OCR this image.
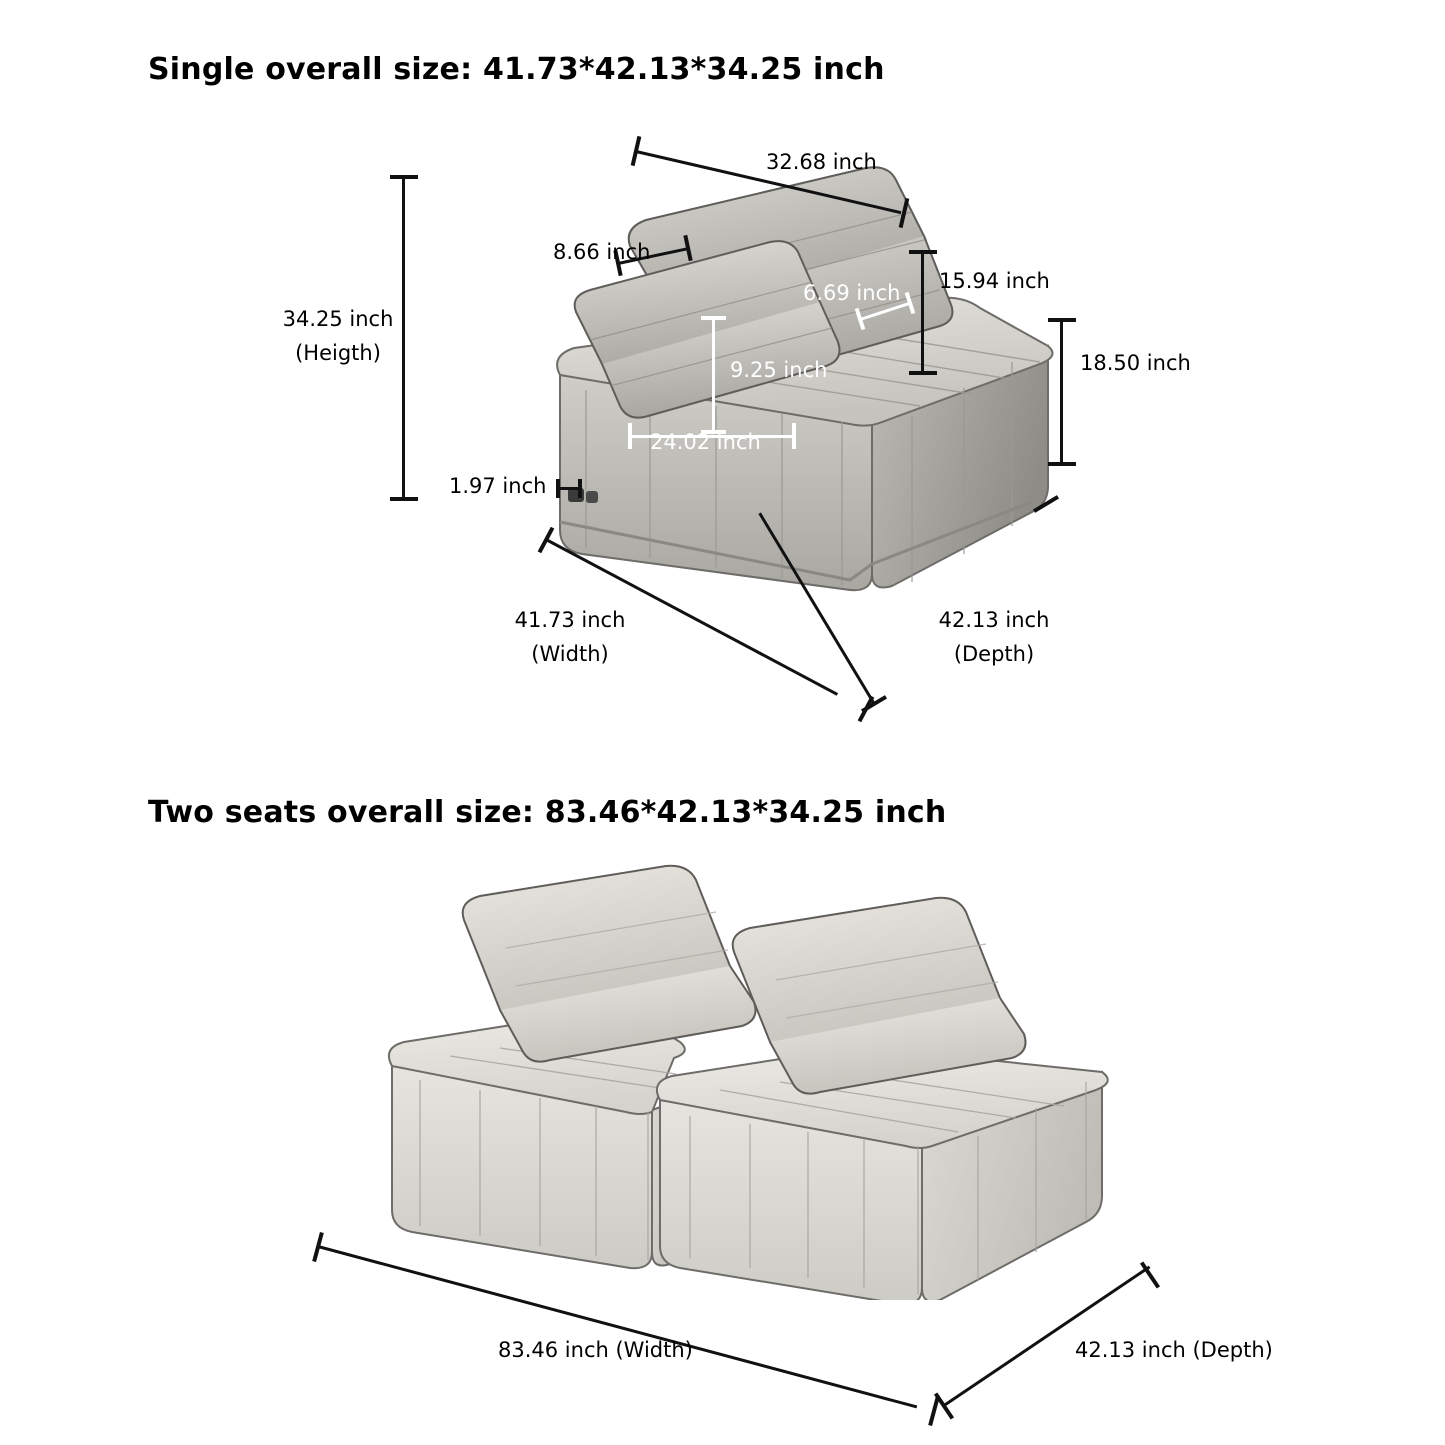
Single overall size: 41.73*42.13*34.25 inch
Two seats overall size: 83.46*42.13*34.25 inch
32.68 inch
8.66 inch
6.69 inch 15.94 inch
18.50 inch
34.25 inch
(Heigth)
9.25 inch
24.02 inch
1.97 inch
41.73 inch
(Width)
42.13 inch
(Depth)
83.46 inch (Width)	42.13 inch (Depth)
